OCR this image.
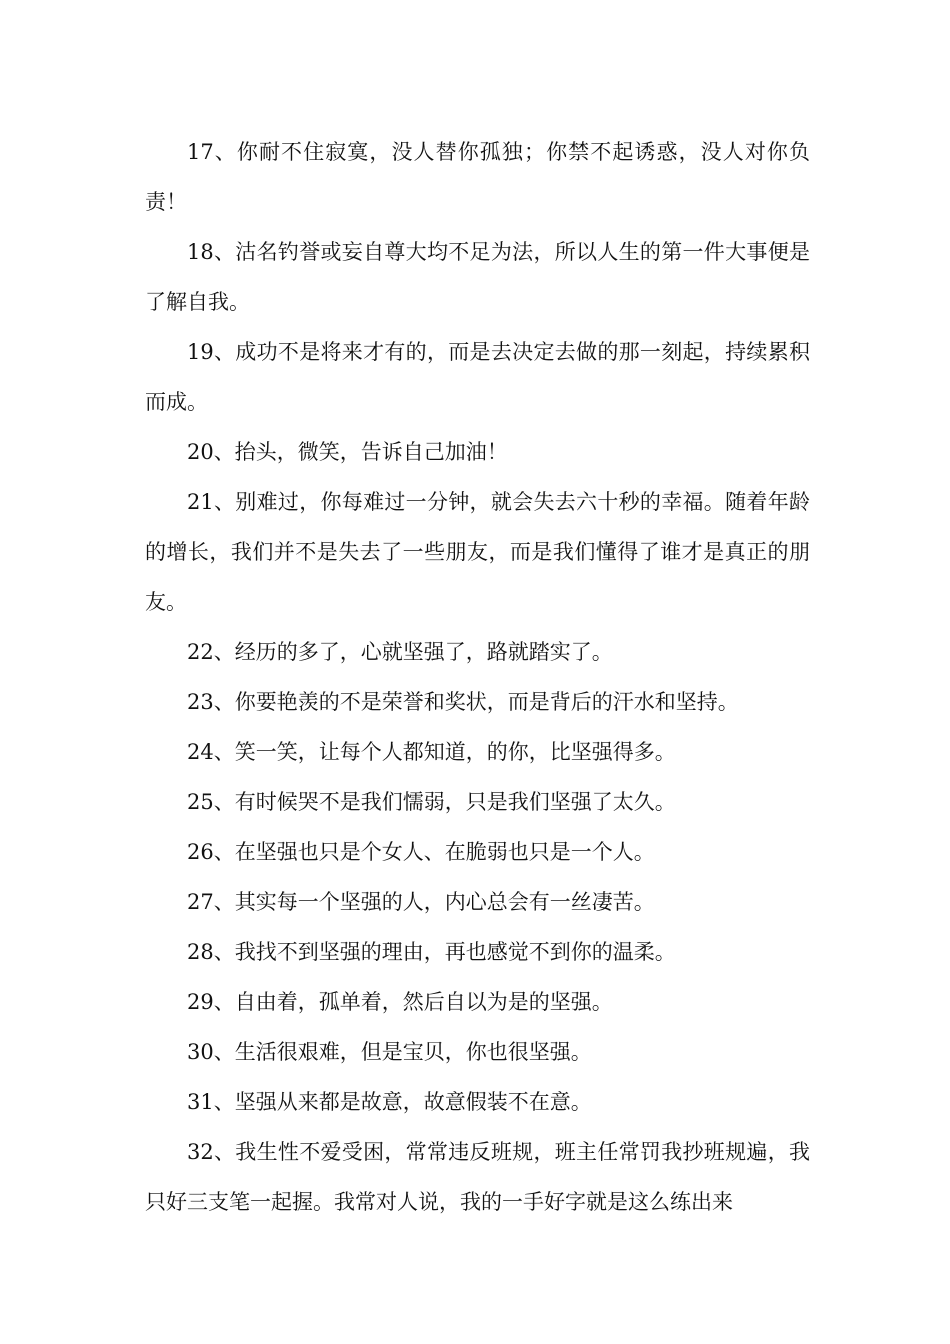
17、你耐不住寂寞，没人替你孤独；你禁不起诱惑，没人对你负责！

18、沽名钓誉或妄自尊大均不足为法，所以人生的第一件大事便是了解自我。

19、成功不是将来才有的，而是去决定去做的那一刻起，持续累积而成。

20、抬头，微笑，告诉自己加油！

21、别难过，你每难过一分钟，就会失去六十秒的幸福。随着年龄的增长，我们并不是失去了一些朋友，而是我们懂得了谁才是真正的朋友。

22、经历的多了，心就坚强了，路就踏实了。

23、你要艳羡的不是荣誉和奖状，而是背后的汗水和坚持。

24、笑一笑，让每个人都知道，的你，比坚强得多。

25、有时候哭不是我们懦弱，只是我们坚强了太久。

26、在坚强也只是个女人、在脆弱也只是一个人。

27、其实每一个坚强的人，内心总会有一丝凄苦。

28、我找不到坚强的理由，再也感觉不到你的温柔。

29、自由着，孤单着，然后自以为是的坚强。

30、生活很艰难，但是宝贝，你也很坚强。

31、坚强从来都是故意，故意假装不在意。

32、我生性不爱受困，常常违反班规，班主任常罚我抄班规遍，我只好三支笔一起握。我常对人说，我的一手好字就是这么练出来
